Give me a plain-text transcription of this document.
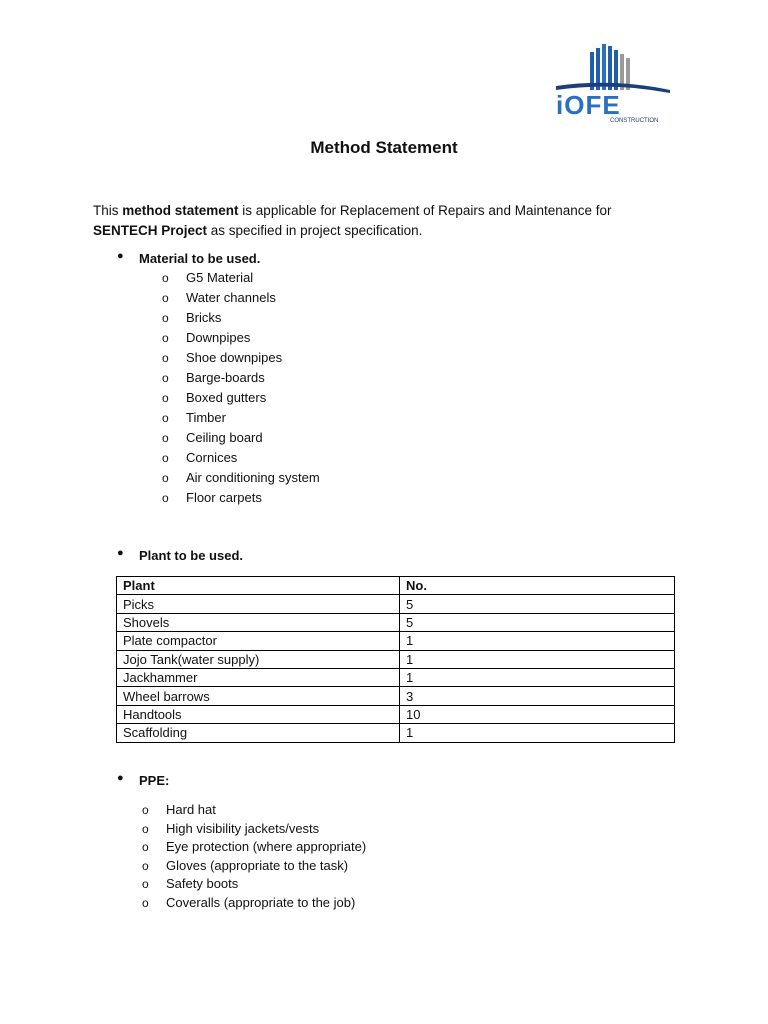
iOFE
CONSTRUCTION
Method Statement

This method statement is applicable for Replacement of Repairs and Maintenance for SENTECH Project as specified in project specification.

● Material to be used.

o G5 Material
o Water channels
o Bricks
o Downpipes
o Shoe downpipes
o Barge-boards
o Boxed gutters
o Timber
o Ceiling board
o Cornices
o Air conditioning system
o Floor carpets

● Plant to be used.

Plant	No.
Picks	5
Shovels	5
Plate compactor	1
Jojo Tank(water supply)	1
Jackhammer	1
Wheel barrows	3
Handtools	10
Scaffolding	1

● PPE:

o Hard hat
o High visibility jackets/vests
o Eye protection (where appropriate)
o Gloves (appropriate to the task)
o Safety boots
o Coveralls (appropriate to the job)
